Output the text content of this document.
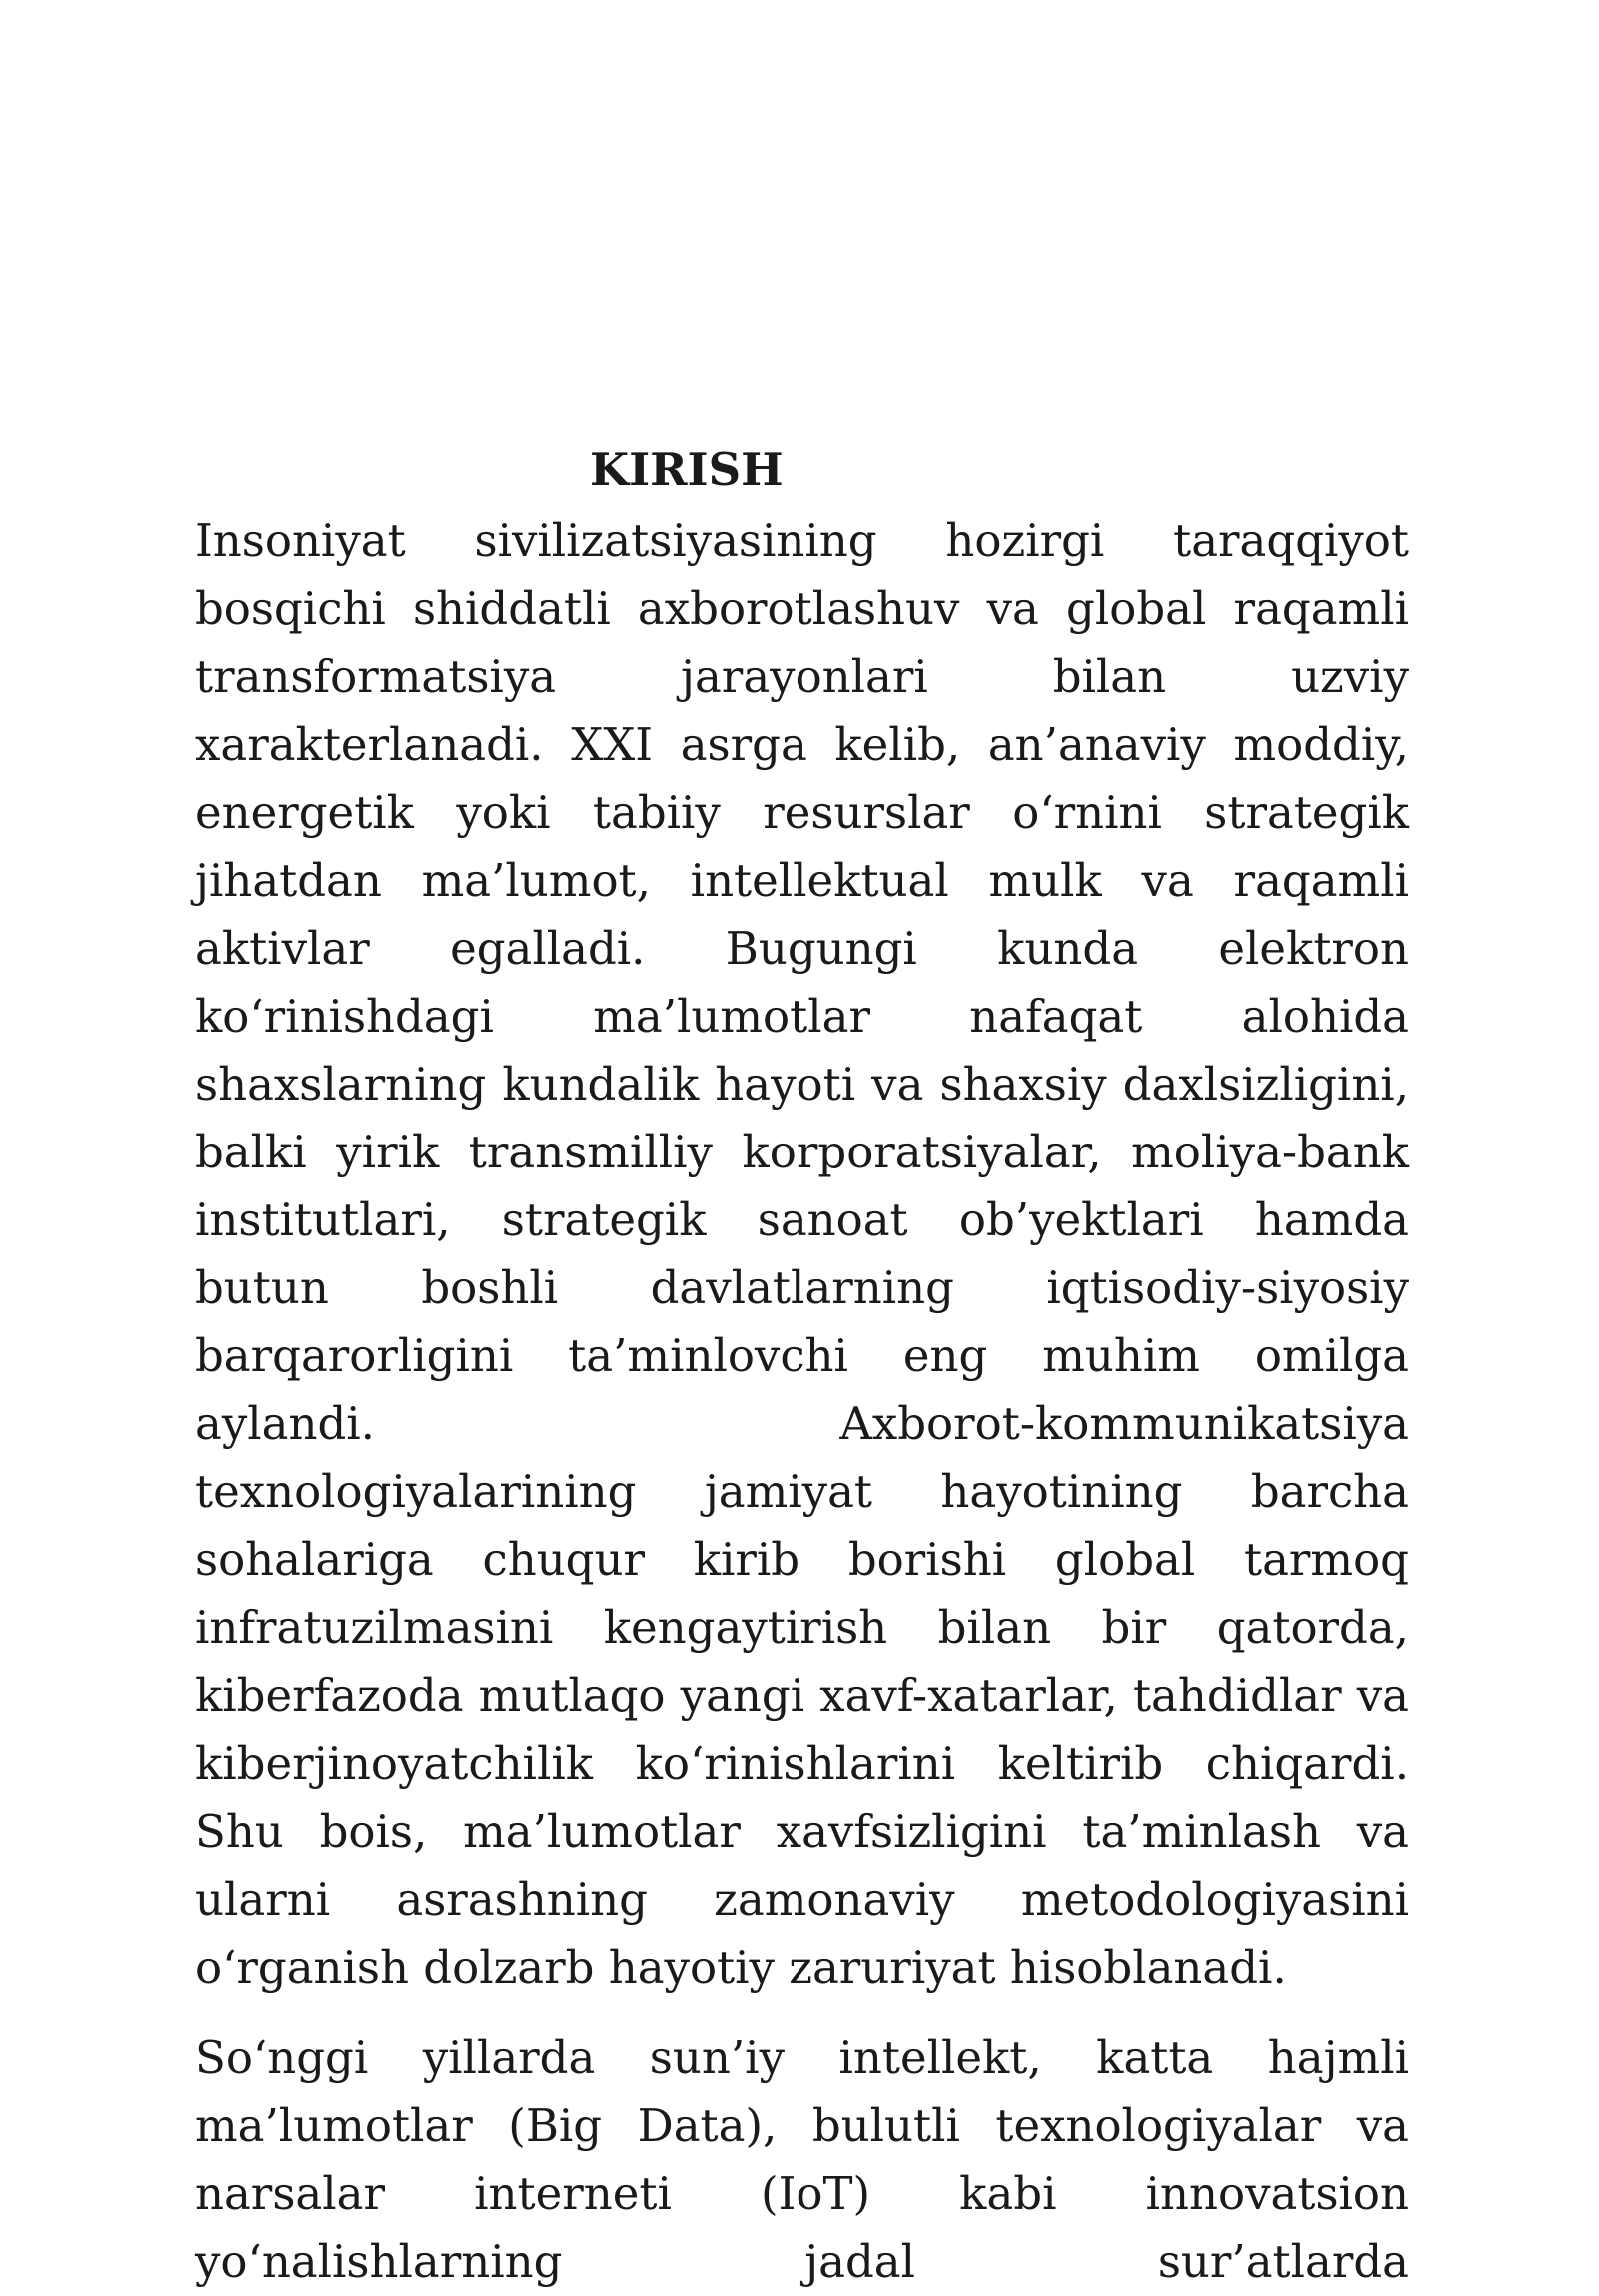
KIRISH

Insoniyat sivilizatsiyasining hozirgi taraqqiyot bosqichi shiddatli axborotlashuv va global raqamli transformatsiya jarayonlari bilan uzviy xarakterlanadi. XXI asrga kelib, an’anaviy moddiy, energetik yoki tabiiy resurslar o‘rnini strategik jihatdan ma’lumot, intellektual mulk va raqamli aktivlar egalladi. Bugungi kunda elektron ko‘rinishdagi ma’lumotlar nafaqat alohida shaxslarning kundalik hayoti va shaxsiy daxlsizligini, balki yirik transmilliy korporatsiyalar, moliya-bank institutlari, strategik sanoat ob’yektlari hamda butun boshli davlatlarning iqtisodiy-siyosiy barqarorligini ta’minlovchi eng muhim omilga aylandi. Axborot-kommunikatsiya texnologiyalarining jamiyat hayotining barcha sohalariga chuqur kirib borishi global tarmoq infratuzilmasini kengaytirish bilan bir qatorda, kiberfazoda mutlaqo yangi xavf-xatarlar, tahdidlar va kiberjinoyatchilik ko‘rinishlarini keltirib chiqardi. Shu bois, ma’lumotlar xavfsizligini ta’minlash va ularni asrashning zamonaviy metodologiyasini o‘rganish dolzarb hayotiy zaruriyat hisoblanadi.

So‘nggi yillarda sun’iy intellekt, katta hajmli ma’lumotlar (Big Data), bulutli texnologiyalar va narsalar interneti (IoT) kabi innovatsion yo‘nalishlarning jadal sur’atlarda
